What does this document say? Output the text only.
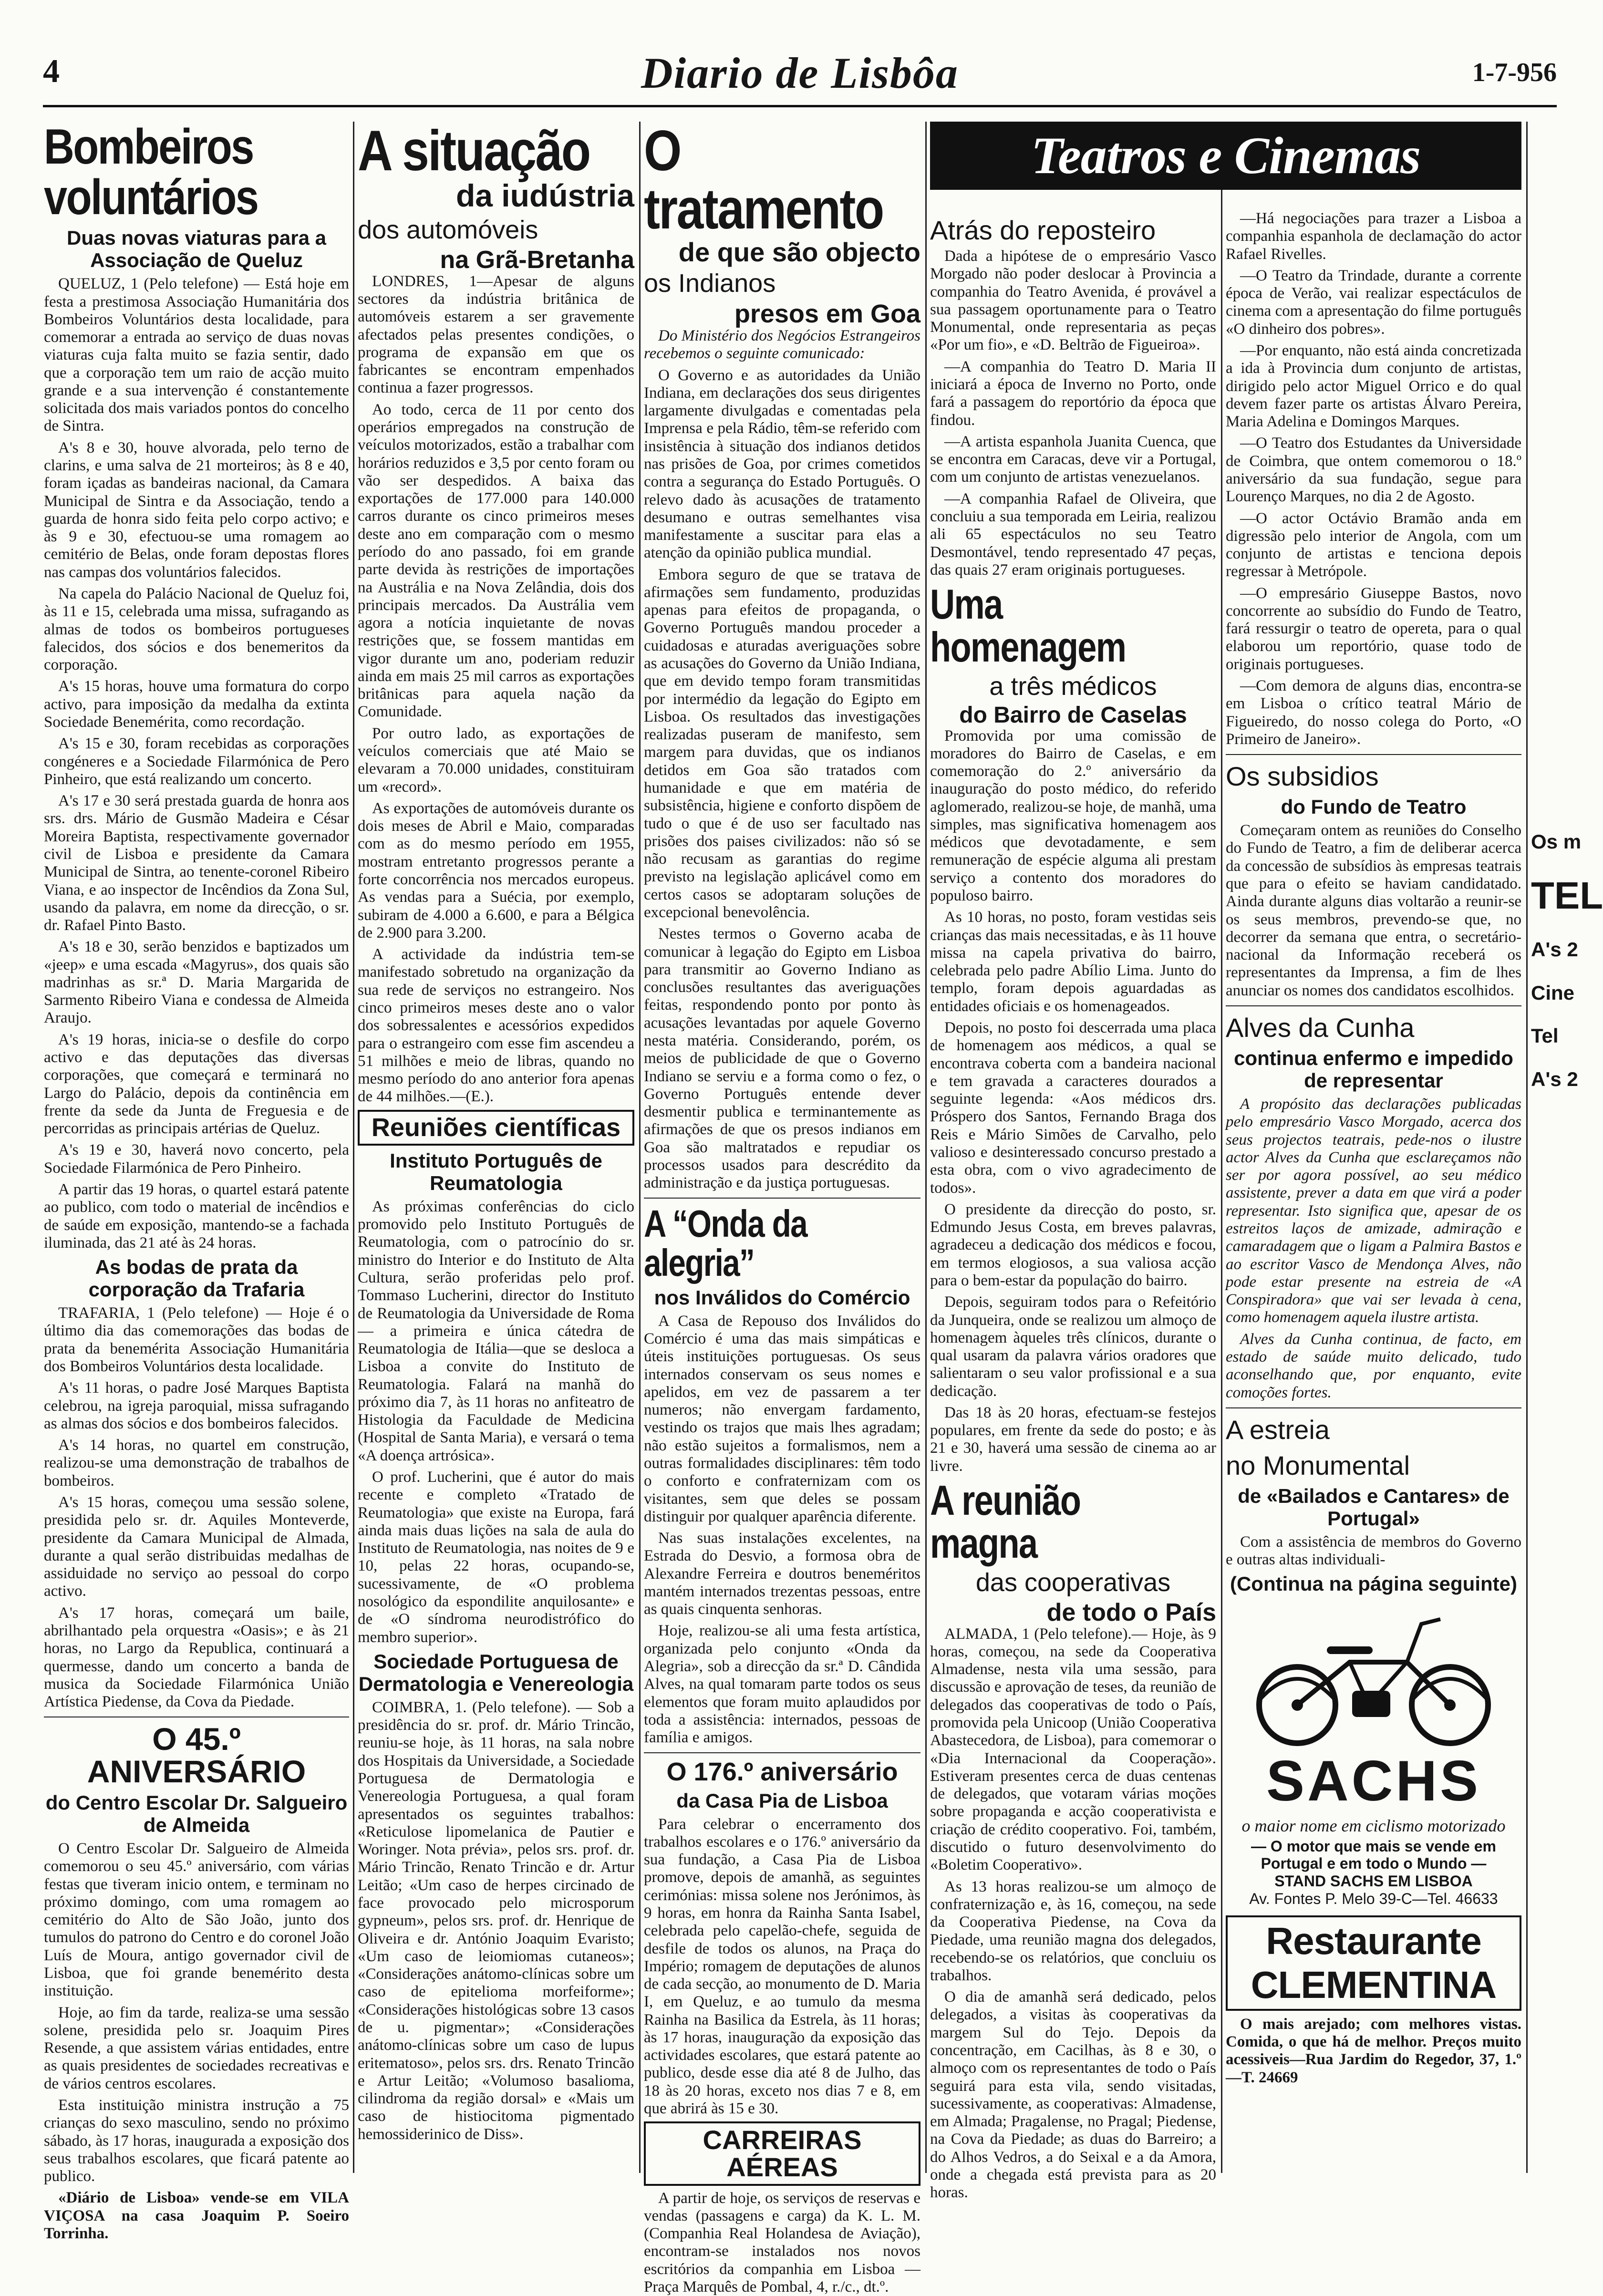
4	Diario de Lisbôa	1-7-956
Bombeiros voluntários

Duas novas viaturas para a Associação de Queluz

QUELUZ, 1 (Pelo telefone) — Está hoje em festa a prestimosa Associação Humanitária dos Bombeiros Voluntários desta localidade, para comemorar a entrada ao serviço de duas novas viaturas cuja falta muito se fazia sentir, dado que a corporação tem um raio de acção muito grande e a sua intervenção é constantemente solicitada dos mais variados pontos do concelho de Sintra.

A's 8 e 30, houve alvorada, pelo terno de clarins, e uma salva de 21 morteiros; às 8 e 40, foram içadas as bandeiras nacional, da Camara Municipal de Sintra e da Associação, tendo a guarda de honra sido feita pelo corpo activo; e às 9 e 30, efectuou-se uma romagem ao cemitério de Belas, onde foram depostas flores nas campas dos voluntários falecidos.

Na capela do Palácio Nacional de Queluz foi, às 11 e 15, celebrada uma missa, sufragando as almas de todos os bombeiros portugueses falecidos, dos sócios e dos benemeritos da corporação.

A's 15 horas, houve uma formatura do corpo activo, para imposição da medalha da extinta Sociedade Benemérita, como recordação.

A's 15 e 30, foram recebidas as corporações congéneres e a Sociedade Filarmónica de Pero Pinheiro, que está realizando um concerto.

A's 17 e 30 será prestada guarda de honra aos srs. drs. Mário de Gusmão Madeira e César Moreira Baptista, respectivamente governador civil de Lisboa e presidente da Camara Municipal de Sintra, ao tenente-coronel Ribeiro Viana, e ao inspector de Incêndios da Zona Sul, usando da palavra, em nome da direcção, o sr. dr. Rafael Pinto Basto.

A's 18 e 30, serão benzidos e baptizados um «jeep» e uma escada «Magyrus», dos quais são madrinhas as sr.ª D. Maria Margarida de Sarmento Ribeiro Viana e condessa de Almeida Araujo.

A's 19 horas, inicia-se o desfile do corpo activo e das deputações das diversas corporações, que começará e terminará no Largo do Palácio, depois da continência em frente da sede da Junta de Freguesia e de percorridas as principais artérias de Queluz.

A's 19 e 30, haverá novo concerto, pela Sociedade Filarmónica de Pero Pinheiro.

A partir das 19 horas, o quartel estará patente ao publico, com todo o material de incêndios e de saúde em exposição, mantendo-se a fachada iluminada, das 21 até às 24 horas.

As bodas de prata da corporação da Trafaria

TRAFARIA, 1 (Pelo telefone) — Hoje é o último dia das comemorações das bodas de prata da benemérita Associação Humanitária dos Bombeiros Voluntários desta localidade.

A's 11 horas, o padre José Marques Baptista celebrou, na igreja paroquial, missa sufragando as almas dos sócios e dos bombeiros falecidos.

A's 14 horas, no quartel em construção, realizou-se uma demonstração de trabalhos de bombeiros.

A's 15 horas, começou uma sessão solene, presidida pelo sr. dr. Aquiles Monteverde, presidente da Camara Municipal de Almada, durante a qual serão distribuidas medalhas de assiduidade no serviço ao pessoal do corpo activo.

A's 17 horas, começará um baile, abrilhantado pela orquestra «Oasis»; e às 21 horas, no Largo da Republica, continuará a quermesse, dando um concerto a banda de musica da Sociedade Filarmónica União Artística Piedense, da Cova da Piedade.

O 45.º ANIVERSÁRIO

do Centro Escolar Dr. Salgueiro de Almeida

O Centro Escolar Dr. Salgueiro de Almeida comemorou o seu 45.º aniversário, com várias festas que tiveram inicio ontem, e terminam no próximo domingo, com uma romagem ao cemitério do Alto de São João, junto dos tumulos do patrono do Centro e do coronel João Luís de Moura, antigo governador civil de Lisboa, que foi grande benemérito desta instituição.

Hoje, ao fim da tarde, realiza-se uma sessão solene, presidida pelo sr. Joaquim Pires Resende, a que assistem várias entidades, entre as quais presidentes de sociedades recreativas e de vários centros escolares.

Esta instituição ministra instrução a 75 crianças do sexo masculino, sendo no próximo sábado, às 17 horas, inaugurada a exposição dos seus trabalhos escolares, que ficará patente ao publico.

«Diário de Lisboa» vende-se em VILA VIÇOSA na casa Joaquim P. Soeiro Torrinha.

A situação

da iudústria

dos automóveis

na Grã-Bretanha

LONDRES, 1—Apesar de alguns sectores da indústria britânica de automóveis estarem a ser gravemente afectados pelas presentes condições, o programa de expansão em que os fabricantes se encontram empenhados continua a fazer progressos.

Ao todo, cerca de 11 por cento dos operários empregados na construção de veículos motorizados, estão a trabalhar com horários reduzidos e 3,5 por cento foram ou vão ser despedidos. A baixa das exportações de 177.000 para 140.000 carros durante os cinco primeiros meses deste ano em comparação com o mesmo período do ano passado, foi em grande parte devida às restrições de importações na Austrália e na Nova Zelândia, dois dos principais mercados. Da Austrália vem agora a notícia inquietante de novas restrições que, se fossem mantidas em vigor durante um ano, poderiam reduzir ainda em mais 25 mil carros as exportações britânicas para aquela nação da Comunidade.

Por outro lado, as exportações de veículos comerciais que até Maio se elevaram a 70.000 unidades, constituiram um «record».

As exportações de automóveis durante os dois meses de Abril e Maio, comparadas com as do mesmo período em 1955, mostram entretanto progressos perante a forte concorrência nos mercados europeus. As vendas para a Suécia, por exemplo, subiram de 4.000 a 6.600, e para a Bélgica de 2.900 para 3.200.

A actividade da indústria tem-se manifestado sobretudo na organização da sua rede de serviços no estrangeiro. Nos cinco primeiros meses deste ano o valor dos sobressalentes e acessórios expedidos para o estrangeiro com esse fim ascendeu a 51 milhões e meio de libras, quando no mesmo período do ano anterior fora apenas de 44 milhões.—(E.).

Reuniões científicas

Instituto Português de Reumatologia

As próximas conferências do ciclo promovido pelo Instituto Português de Reumatologia, com o patrocínio do sr. ministro do Interior e do Instituto de Alta Cultura, serão proferidas pelo prof. Tommaso Lucherini, director do Instituto de Reumatologia da Universidade de Roma — a primeira e única cátedra de Reumatologia de Itália—que se desloca a Lisboa a convite do Instituto de Reumatologia. Falará na manhã do próximo dia 7, às 11 horas no anfiteatro de Histologia da Faculdade de Medicina (Hospital de Santa Maria), e versará o tema «A doença artrósica».

O prof. Lucherini, que é autor do mais recente e completo «Tratado de Reumatologia» que existe na Europa, fará ainda mais duas lições na sala de aula do Instituto de Reumatologia, nas noites de 9 e 10, pelas 22 horas, ocupando-se, sucessivamente, de «O problema nosológico da espondilite anquilosante» e de «O síndroma neurodistrófico do membro superior».

Sociedade Portuguesa de Dermatologia e Venereologia

COIMBRA, 1. (Pelo telefone). — Sob a presidência do sr. prof. dr. Mário Trincão, reuniu-se hoje, às 11 horas, na sala nobre dos Hospitais da Universidade, a Sociedade Portuguesa de Dermatologia e Venereologia Portuguesa, a qual foram apresentados os seguintes trabalhos: «Reticulose lipomelanica de Pautier e Woringer. Nota prévia», pelos srs. prof. dr. Mário Trincão, Renato Trincão e dr. Artur Leitão; «Um caso de herpes circinado de face provocado pelo microsporum gypneum», pelos srs. prof. dr. Henrique de Oliveira e dr. António Joaquim Evaristo; «Um caso de leiomiomas cutaneos»; «Considerações anátomo-clínicas sobre um caso de epitelioma morfeiforme»; «Considerações histológicas sobre 13 casos de u. pigmentar»; «Considerações anátomo-clínicas sobre um caso de lupus eritematoso», pelos srs. drs. Renato Trincão e Artur Leitão; «Volumoso basalioma, cilindroma da região dorsal» e «Mais um caso de histiocitoma pigmentado hemossiderinico de Diss».

O tratamento

de que são objecto

os Indianos

presos em Goa

Do Ministério dos Negócios Estrangeiros recebemos o seguinte comunicado:

O Governo e as autoridades da União Indiana, em declarações dos seus dirigentes largamente divulgadas e comentadas pela Imprensa e pela Rádio, têm-se referido com insistência à situação dos indianos detidos nas prisões de Goa, por crimes cometidos contra a segurança do Estado Português. O relevo dado às acusações de tratamento desumano e outras semelhantes visa manifestamente a suscitar para elas a atenção da opinião publica mundial.

Embora seguro de que se tratava de afirmações sem fundamento, produzidas apenas para efeitos de propaganda, o Governo Português mandou proceder a cuidadosas e aturadas averiguações sobre as acusações do Governo da União Indiana, que em devido tempo foram transmitidas por intermédio da legação do Egipto em Lisboa. Os resultados das investigações realizadas puseram de manifesto, sem margem para duvidas, que os indianos detidos em Goa são tratados com humanidade e que em matéria de subsistência, higiene e conforto dispõem de tudo o que é de uso ser facultado nas prisões dos paises civilizados: não só se não recusam as garantias do regime previsto na legislação aplicável como em certos casos se adoptaram soluções de excepcional benevolência.

Nestes termos o Governo acaba de comunicar à legação do Egipto em Lisboa para transmitir ao Governo Indiano as conclusões resultantes das averiguações feitas, respondendo ponto por ponto às acusações levantadas por aquele Governo nesta matéria. Considerando, porém, os meios de publicidade de que o Governo Indiano se serviu e a forma como o fez, o Governo Português entende dever desmentir publica e terminantemente as afirmações de que os presos indianos em Goa são maltratados e repudiar os processos usados para descrédito da administração e da justiça portuguesas.

A “Onda da alegria”

nos Inválidos do Comércio

A Casa de Repouso dos Inválidos do Comércio é uma das mais simpáticas e úteis instituições portuguesas. Os seus internados conservam os seus nomes e apelidos, em vez de passarem a ter numeros; não envergam fardamento, vestindo os trajos que mais lhes agradam; não estão sujeitos a formalismos, nem a outras formalidades disciplinares: têm todo o conforto e confraternizam com os visitantes, sem que deles se possam distinguir por qualquer aparência diferente.

Nas suas instalações excelentes, na Estrada do Desvio, a formosa obra de Alexandre Ferreira e doutros beneméritos mantém internados trezentas pessoas, entre as quais cinquenta senhoras.

Hoje, realizou-se ali uma festa artística, organizada pelo conjunto «Onda da Alegria», sob a direcção da sr.ª D. Cândida Alves, na qual tomaram parte todos os seus elementos que foram muito aplaudidos por toda a assistência: internados, pessoas de família e amigos.

O 176.º aniversário

da Casa Pia de Lisboa

Para celebrar o encerramento dos trabalhos escolares e o 176.º aniversário da sua fundação, a Casa Pia de Lisboa promove, depois de amanhã, as seguintes cerimónias: missa solene nos Jerónimos, às 9 horas, em honra da Rainha Santa Isabel, celebrada pelo capelão-chefe, seguida de desfile de todos os alunos, na Praça do Império; romagem de deputações de alunos de cada secção, ao monumento de D. Maria I, em Queluz, e ao tumulo da mesma Rainha na Basilica da Estrela, às 11 horas; às 17 horas, inauguração da exposição das actividades escolares, que estará patente ao publico, desde esse dia até 8 de Julho, das 18 às 20 horas, exceto nos dias 7 e 8, em que abrirá às 15 e 30.

CARREIRAS AÉREAS

A partir de hoje, os serviços de reservas e vendas (passagens e carga) da K. L. M. (Companhia Real Holandesa de Aviação), encontram-se instalados nos novos escritórios da companhia em Lisboa — Praça Marquês de Pombal, 4, r./c., dt.º.

Teatros e Cinemas

Atrás do reposteiro

Dada a hipótese de o empresário Vasco Morgado não poder deslocar à Provincia a companhia do Teatro Avenida, é provável a sua passagem oportunamente para o Teatro Monumental, onde representaria as peças «Por um fio», e «D. Beltrão de Figueiroa».

—A companhia do Teatro D. Maria II iniciará a época de Inverno no Porto, onde fará a passagem do reportório da época que findou.

—A artista espanhola Juanita Cuenca, que se encontra em Caracas, deve vir a Portugal, com um conjunto de artistas venezuelanos.

—A companhia Rafael de Oliveira, que concluiu a sua temporada em Leiria, realizou ali 65 espectáculos no seu Teatro Desmontável, tendo representado 47 peças, das quais 27 eram originais portugueses.

Uma homenagem

a três médicos

do Bairro de Caselas

Promovida por uma comissão de moradores do Bairro de Caselas, e em comemoração do 2.º aniversário da inauguração do posto médico, do referido aglomerado, realizou-se hoje, de manhã, uma simples, mas significativa homenagem aos médicos que devotadamente, e sem remuneração de espécie alguma ali prestam serviço a contento dos moradores do populoso bairro.

As 10 horas, no posto, foram vestidas seis crianças das mais necessitadas, e às 11 houve missa na capela privativa do bairro, celebrada pelo padre Abílio Lima. Junto do templo, foram depois aguardadas as entidades oficiais e os homenageados.

Depois, no posto foi descerrada uma placa de homenagem aos médicos, a qual se encontrava coberta com a bandeira nacional e tem gravada a caracteres dourados a seguinte legenda: «Aos médicos drs. Próspero dos Santos, Fernando Braga dos Reis e Mário Simões de Carvalho, pelo valioso e desinteressado concurso prestado a esta obra, com o vivo agradecimento de todos».

O presidente da direcção do posto, sr. Edmundo Jesus Costa, em breves palavras, agradeceu a dedicação dos médicos e focou, em termos elogiosos, a sua valiosa acção para o bem-estar da população do bairro.

Depois, seguiram todos para o Refeitório da Junqueira, onde se realizou um almoço de homenagem àqueles três clínicos, durante o qual usaram da palavra vários oradores que salientaram o seu valor profissional e a sua dedicação.

Das 18 às 20 horas, efectuam-se festejos populares, em frente da sede do posto; e às 21 e 30, haverá uma sessão de cinema ao ar livre.

A reunião magna

das cooperativas

de todo o País

ALMADA, 1 (Pelo telefone).— Hoje, às 9 horas, começou, na sede da Cooperativa Almadense, nesta vila uma sessão, para discussão e aprovação de teses, da reunião de delegados das cooperativas de todo o País, promovida pela Unicoop (União Cooperativa Abastecedora, de Lisboa), para comemorar o «Dia Internacional da Cooperação». Estiveram presentes cerca de duas centenas de delegados, que votaram várias moções sobre propaganda e acção cooperativista e criação de crédito cooperativo. Foi, também, discutido o futuro desenvolvimento do «Boletim Cooperativo».

As 13 horas realizou-se um almoço de confraternização e, às 16, começou, na sede da Cooperativa Piedense, na Cova da Piedade, uma reunião magna dos delegados, recebendo-se os relatórios, que concluiu os trabalhos.

O dia de amanhã será dedicado, pelos delegados, a visitas às cooperativas da margem Sul do Tejo. Depois da concentração, em Cacilhas, às 8 e 30, o almoço com os representantes de todo o País seguirá para esta vila, sendo visitadas, sucessivamente, as cooperativas: Almadense, em Almada; Pragalense, no Pragal; Piedense, na Cova da Piedade; as duas do Barreiro; a do Alhos Vedros, a do Seixal e a da Amora, onde a chegada está prevista para as 20 horas.

—Há negociações para trazer a Lisboa a companhia espanhola de declamação do actor Rafael Rivelles.

—O Teatro da Trindade, durante a corrente época de Verão, vai realizar espectáculos de cinema com a apresentação do filme português «O dinheiro dos pobres».

—Por enquanto, não está ainda concretizada a ida à Provincia dum conjunto de artistas, dirigido pelo actor Miguel Orrico e do qual devem fazer parte os artistas Álvaro Pereira, Maria Adelina e Domingos Marques.

—O Teatro dos Estudantes da Universidade de Coimbra, que ontem comemorou o 18.º aniversário da sua fundação, segue para Lourenço Marques, no dia 2 de Agosto.

—O actor Octávio Bramão anda em digressão pelo interior de Angola, com um conjunto de artistas e tenciona depois regressar à Metrópole.

—O empresário Giuseppe Bastos, novo concorrente ao subsídio do Fundo de Teatro, fará ressurgir o teatro de opereta, para o qual elaborou um reportório, quase todo de originais portugueses.

—Com demora de alguns dias, encontra-se em Lisboa o crítico teatral Mário de Figueiredo, do nosso colega do Porto, «O Primeiro de Janeiro».

Os subsidios

do Fundo de Teatro

Começaram ontem as reuniões do Conselho do Fundo de Teatro, a fim de deliberar acerca da concessão de subsídios às empresas teatrais que para o efeito se haviam candidatado. Ainda durante alguns dias voltarão a reunir-se os seus membros, prevendo-se que, no decorrer da semana que entra, o secretário-nacional da Informação receberá os representantes da Imprensa, a fim de lhes anunciar os nomes dos candidatos escolhidos.

Alves da Cunha

continua enfermo e impedido de representar

A propósito das declarações publicadas pelo empresário Vasco Morgado, acerca dos seus projectos teatrais, pede-nos o ilustre actor Alves da Cunha que esclareçamos não ser por agora possível, ao seu médico assistente, prever a data em que virá a poder representar. Isto significa que, apesar de os estreitos laços de amizade, admiração e camaradagem que o ligam a Palmira Bastos e ao escritor Vasco de Mendonça Alves, não pode estar presente na estreia de «A Conspiradora» que vai ser levada à cena, como homenagem aquela ilustre artista.

Alves da Cunha continua, de facto, em estado de saúde muito delicado, tudo aconselhando que, por enquanto, evite comoções fortes.

A estreia

no Monumental

de «Bailados e Cantares» de Portugal»

Com a assistência de membros do Governo e outras altas individuali-

(Continua na página seguinte)

SACHS

o maior nome em ciclismo motorizado

— O motor que mais se vende em Portugal e em todo o Mundo —

STAND SACHS EM LISBOA

Av. Fontes P. Melo 39-C—Tel. 46633

Restaurante CLEMENTINA

O mais arejado; com melhores vistas. Comida, o que há de melhor. Preços muito acessiveis—Rua Jardim do Regedor, 37, 1.º—T. 24669

Os m

TEL

A's 2

Cine

Tel

A's 2
